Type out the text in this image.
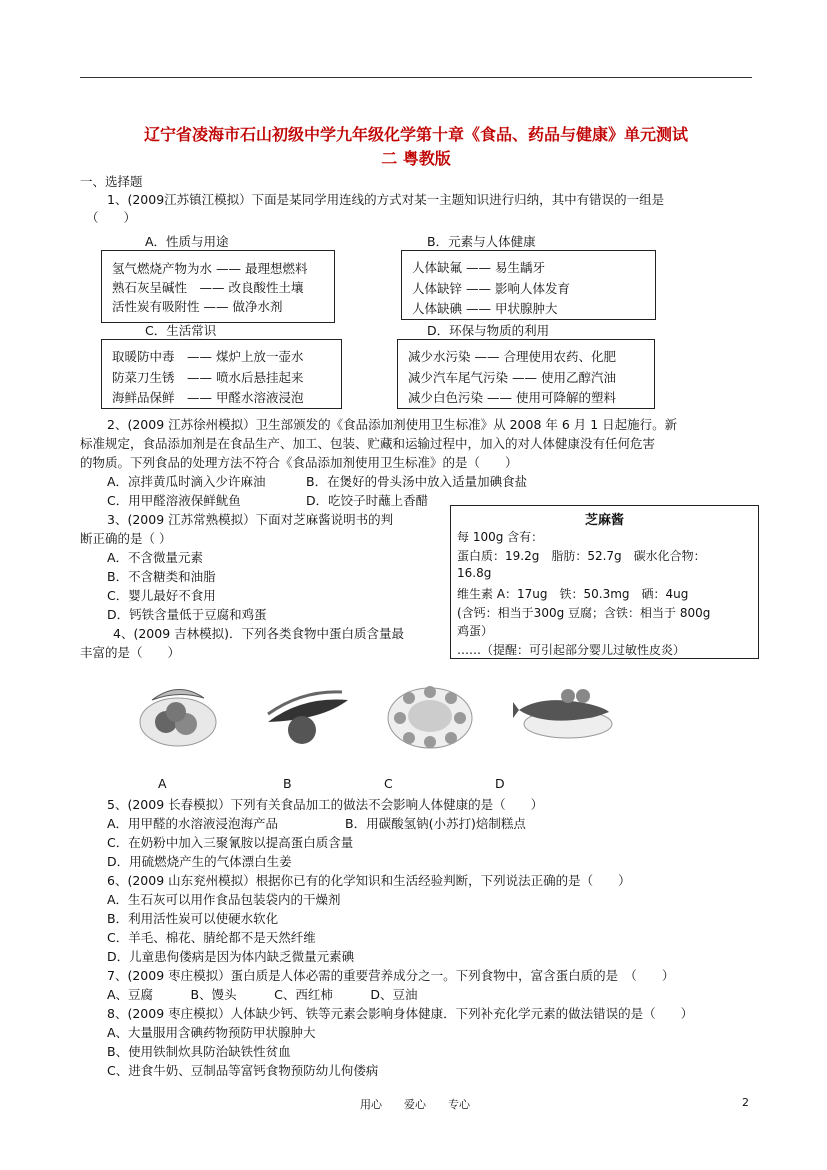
辽宁省凌海市石山初级中学九年级化学第十章《食品、药品与健康》单元测试
二 粤教版
一、选择题
1、(2009江苏镇江模拟）下面是某同学用连线的方式对某一主题知识进行归纳，其中有错误的一组是
（　　）
A．性质与用途
氢气燃烧产物为水 —— 最理想燃料
熟石灰呈碱性　—— 改良酸性土壤
活性炭有吸附性 —— 做净水剂
B．元素与人体健康
人体缺氟 —— 易生龋牙
人体缺锌 —— 影响人体发育
人体缺碘 —— 甲状腺肿大
C．生活常识
取暖防中毒　—— 煤炉上放一壶水
防菜刀生锈　—— 喷水后悬挂起来
海鲜品保鲜　—— 甲醛水溶液浸泡
D．环保与物质的利用
减少水污染 —— 合理使用农药、化肥
减少汽车尾气污染 —— 使用乙醇汽油
减少白色污染 —— 使用可降解的塑料
2、(2009 江苏徐州模拟）卫生部颁发的《食品添加剂使用卫生标准》从 2008 年 6 月 1 日起施行。新
标准规定，食品添加剂是在食品生产、加工、包装、贮藏和运输过程中，加入的对人体健康没有任何危害
的物质。下列食品的处理方法不符合《食品添加剂使用卫生标准》的是（　　）
A．凉拌黄瓜时滴入少许麻油	B．在煲好的骨头汤中放入适量加碘食盐
C．用甲醛溶液保鲜鱿鱼	D．吃饺子时蘸上香醋
3、(2009 江苏常熟模拟）下面对芝麻酱说明书的判
断正确的是（ ）
A．不含微量元素
B．不含糖类和油脂
C．婴儿最好不食用
D．钙铁含量低于豆腐和鸡蛋
芝麻酱
每 100g 含有：
蛋白质：19.2g　脂肪：52.7g　碳水化合物：
16.8g
维生素 A：17ug　铁：50.3mg　硒：4ug
(含钙：相当于300g 豆腐；含铁：相当于 800g
鸡蛋）
……（提醒：可引起部分婴儿过敏性皮炎）
4、(2009 吉林模拟)．下列各类食物中蛋白质含量最
丰富的是（　　）
A	B	C	D
5、(2009 长春模拟）下列有关食品加工的做法不会影响人体健康的是（　　）
A．用甲醛的水溶液浸泡海产品	B．用碳酸氢钠(小苏打)焙制糕点
C．在奶粉中加入三聚氰胺以提高蛋白质含量
D．用硫燃烧产生的气体漂白生姜
6、(2009 山东兖州模拟）根据你已有的化学知识和生活经验判断，下列说法正确的是（　　）
A．生石灰可以用作食品包装袋内的干燥剂
B．利用活性炭可以使硬水软化
C．羊毛、棉花、腈纶都不是天然纤维
D．儿童患佝偻病是因为体内缺乏微量元素碘
7、(2009 枣庄模拟）蛋白质是人体必需的重要营养成分之一。下列食物中，富含蛋白质的是　（　　）
A、豆腐　　　B、馒头　　　C、西红柿　　　D、豆油
8、(2009 枣庄模拟）人体缺少钙、铁等元素会影响身体健康．下列补充化学元素的做法错误的是（　　）
A、大量服用含碘药物预防甲状腺肿大
B、使用铁制炊具防治缺铁性贫血
C、进食牛奶、豆制品等富钙食物预防幼儿佝偻病
用心　　爱心　　专心	2
